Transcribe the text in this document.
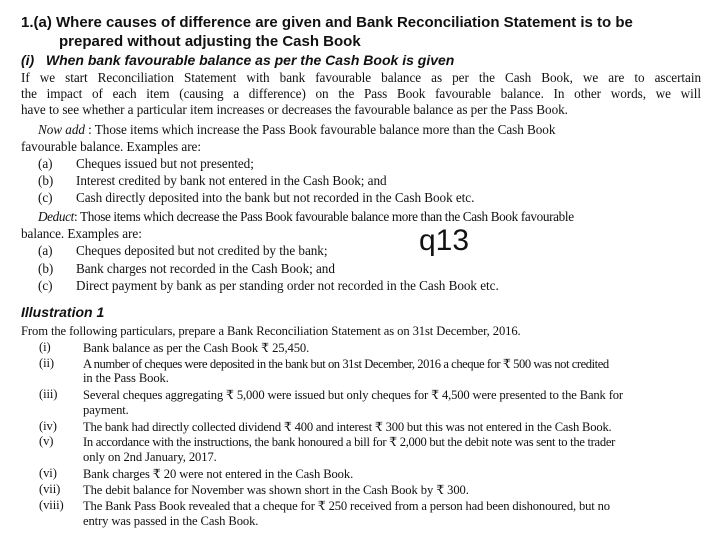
1.(a) Where causes of difference are given and Bank Reconciliation Statement is to be
prepared without adjusting the Cash Book
(i)   When bank favourable balance as per the Cash Book is given
If we start Reconciliation Statement with bank favourable balance as per the Cash Book, we are to ascertain
the impact of each item (causing a difference) on the Pass Book favourable balance. In other words, we will
have to see whether a particular item increases or decreases the favourable balance as per the Pass Book.
Now add : Those items which increase the Pass Book favourable balance more than the Cash Book
favourable balance. Examples are:
(a) Cheques issued but not presented;
(b) Interest credited by bank not entered in the Cash Book; and
(c) Cash directly deposited into the bank but not recorded in the Cash Book etc.
Deduct: Those items which decrease the Pass Book favourable balance more than the Cash Book favourable
balance. Examples are:
(a) Cheques deposited but not credited by the bank;
(b) Bank charges not recorded in the Cash Book; and
(c) Direct payment by bank as per standing order not recorded in the Cash Book etc.
q13
Illustration 1
From the following particulars, prepare a Bank Reconciliation Statement as on 31st December, 2016.
(i)	Bank balance as per the Cash Book ₹ 25,450.
(ii) A number of cheques were deposited in the bank but on 31st December, 2016 a cheque for ₹ 500 was not credited
in the Pass Book.
(iii) Several cheques aggregating ₹ 5,000 were issued but only cheques for ₹ 4,500 were presented to the Bank for
payment.
(iv) The bank had directly collected dividend ₹ 400 and interest ₹ 300 but this was not entered in the Cash Book.
(v) In accordance with the instructions, the bank honoured a bill for ₹ 2,000 but the debit note was sent to the trader
only on 2nd January, 2017.
(vi) Bank charges ₹ 20 were not entered in the Cash Book.
(vii) The debit balance for November was shown short in the Cash Book by ₹ 300.
(viii) The Bank Pass Book revealed that a cheque for ₹ 250 received from a person had been dishonoured, but no
entry was passed in the Cash Book.
